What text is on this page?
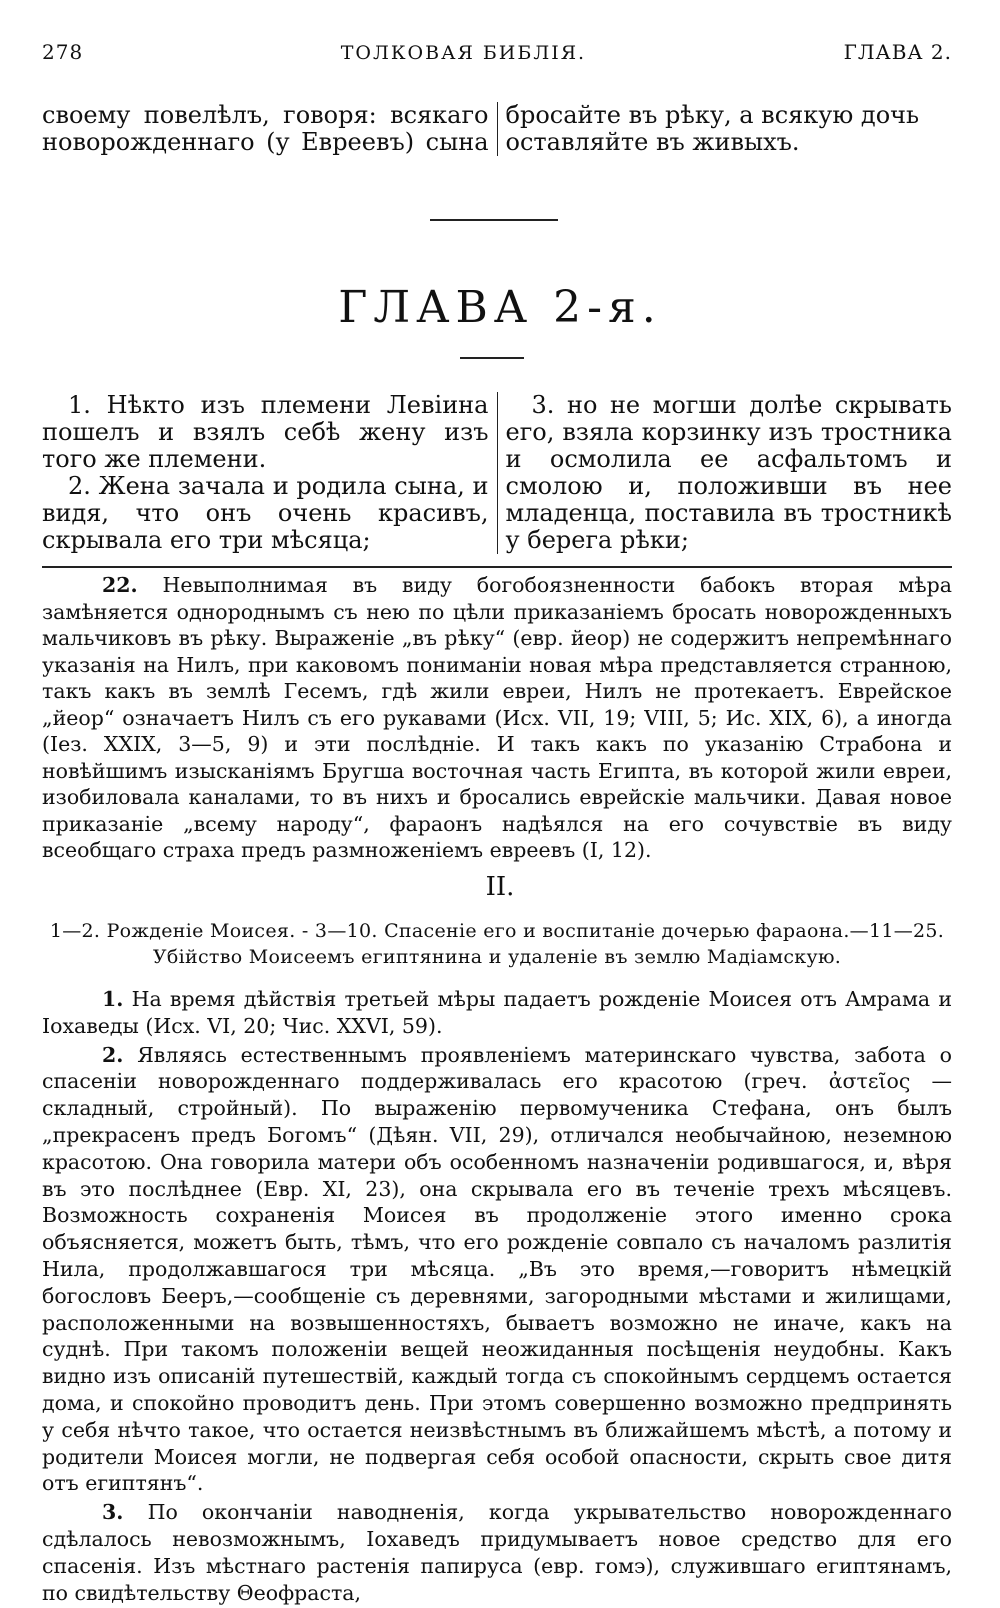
278	ТОЛКОВАЯ БИБЛІЯ.	ГЛАВА 2.
своему повелѣлъ, говоря: всякаго новорожденнаго (у Евреевъ) сына
бросайте въ рѣку, а всякую дочь оставляйте въ живыхъ.
ГЛАВА 2-я.
1. Нѣкто изъ племени Левіина пошелъ и взялъ себѣ жену изъ того же племени.
2. Жена зачала и родила сына, и видя, что онъ очень красивъ, скрывала его три мѣсяца;
3. но не могши долѣе скрывать его, взяла корзинку изъ тростника и осмолила ее асфальтомъ и смолою и, положивши въ нее младенца, поставила въ тростникѣ у берега рѣки;

22. Невыполнимая въ виду богобоязненности бабокъ вторая мѣра замѣняется однороднымъ съ нею по цѣли приказаніемъ бросать новорожденныхъ мальчиковъ въ рѣку. Выраженіе „въ рѣку“ (евр. йеор) не содержитъ непремѣннаго указанія на Нилъ, при каковомъ пониманіи новая мѣра представляется странною, такъ какъ въ землѣ Гесемъ, гдѣ жили евреи, Нилъ не протекаетъ. Еврейское „йеор“ означаетъ Нилъ съ его рукавами (Исх. VII, 19; VIII, 5; Ис. XIX, 6), а иногда (Іез. XXIX, 3—5, 9) и эти послѣдніе. И такъ какъ по указанію Страбона и новѣйшимъ изысканіямъ Бругша восточная часть Египта, въ которой жили евреи, изобиловала каналами, то въ нихъ и бросались еврейскіе мальчики. Давая новое приказаніе „всему народу“, фараонъ надѣялся на его сочувствіе въ виду всеобщаго страха предъ размноженіемъ евреевъ (I, 12).

II.
1—2. Рожденіе Моисея. - 3—10. Спасеніе его и воспитаніе дочерью фараона.—11—25. Убійство Моисеемъ египтянина и удаленіе въ землю Мадіамскую.

1. На время дѣйствія третьей мѣры падаетъ рожденіе Моисея отъ Амрама и Іохаведы (Исх. VI, 20; Чис. XXVI, 59).

2. Являясь естественнымъ проявленіемъ материнскаго чувства, забота о спасеніи новорожденнаго поддерживалась его красотою (греч. ἀστεῖος — складный, стройный). По выраженію первомученика Стефана, онъ былъ „прекрасенъ предъ Богомъ“ (Дѣян. VII, 29), отличался необычайною, неземною красотою. Она говорила матери объ особенномъ назначеніи родившагося, и, вѣря въ это послѣднее (Евр. XI, 23), она скрывала его въ теченіе трехъ мѣсяцевъ. Возможность сохраненія Моисея въ продолженіе этого именно срока объясняется, можетъ быть, тѣмъ, что его рожденіе совпало съ началомъ разлитія Нила, продолжавшагося три мѣсяца. „Въ это время,—говоритъ нѣмецкій богословъ Бееръ,—сообщеніе съ деревнями, загородными мѣстами и жилищами, расположенными на возвышенностяхъ, бываетъ возможно не иначе, какъ на суднѣ. При такомъ положеніи вещей неожиданныя посѣщенія неудобны. Какъ видно изъ описаній путешествій, каждый тогда съ спокойнымъ сердцемъ остается дома, и спокойно проводитъ день. При этомъ совершенно возможно предпринять у себя нѣчто такое, что остается неизвѣстнымъ въ ближайшемъ мѣстѣ, а потому и родители Моисея могли, не подвергая себя особой опасности, скрыть свое дитя отъ египтянъ“.

3. По окончаніи наводненія, когда укрывательство новорожденнаго сдѣлалось невозможнымъ, Іохаведъ придумываетъ новое средство для его спасенія. Изъ мѣстнаго растенія папируса (евр. гомэ), служившаго египтянамъ, по свидѣтельству Θеофраста,
